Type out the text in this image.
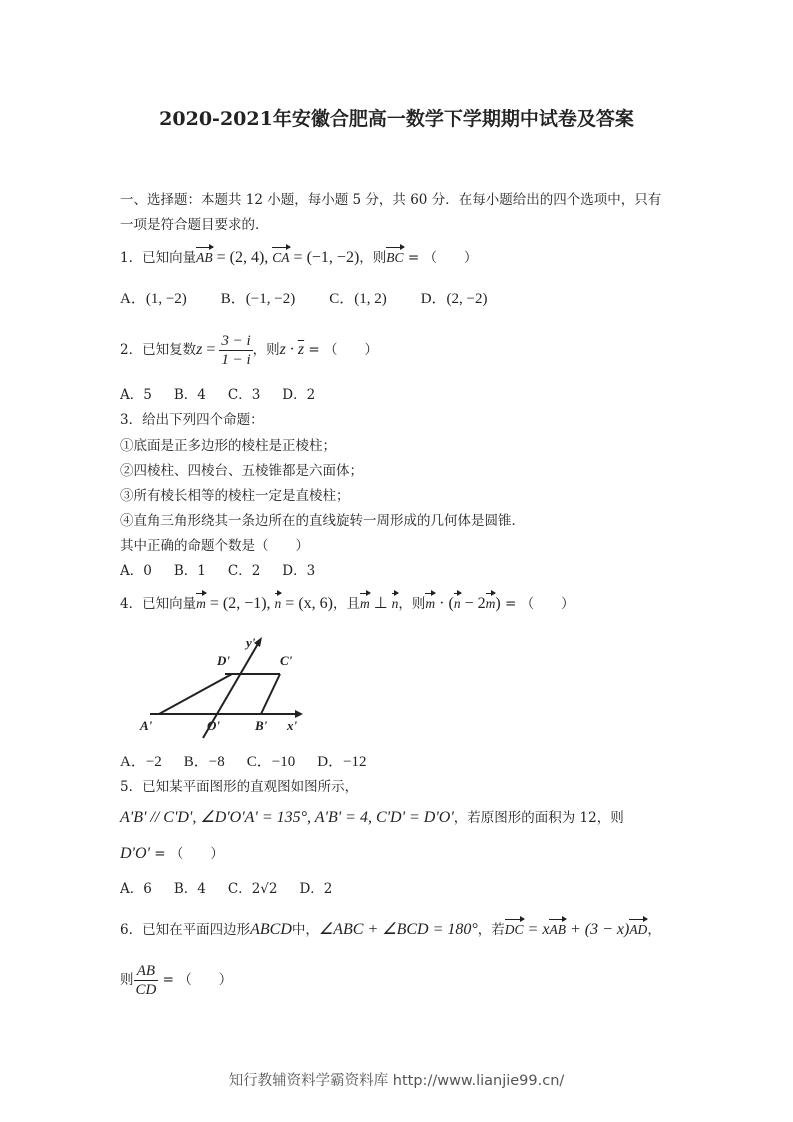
2020-2021年安徽合肥高一数学下学期期中试卷及答案
一、选择题：本题共 12 小题，每小题 5 分，共 60 分．在每小题给出的四个选项中，只有
一项是符合题目要求的．
1．已知向量AB = (2, 4), CA = (−1, −2)，则BC = （　　）
A．(1, −2) B．(−1, −2) C．(1, 2) D．(2, −2)
2．已知复数$z = \frac{3 - i}{1 - i}$ ，则$z \cdot \overline{z}$ = （　　）
A．5 B．4 C．3 D．2
3．给出下列四个命题：
①底面是正多边形的棱柱是正棱柱；
②四棱柱、四棱台、五棱锥都是六面体；
③所有棱长相等的棱柱一定是直棱柱；
④直角三角形绕其一条边所在的直线旋转一周形成的几何体是圆锥．
其中正确的命题个数是（　　）
A．0 B．1 C．2 D．3
4．已知向量m = (2, −1), n = (x, 6)，且m ⊥ n，则m · (n − 2m) = （　　）
y'
x'
A'	O'	B'
C'
D'
A．−2 B．−8 C．−10 D．−12
5．已知某平面图形的直观图如图所示，
A'B' // C'D', ∠D'O'A' = 135°, A'B' = 4, C'D' = D'O'，若原图形的面积为 12，则
D'O' = （　　）
A．6 B．4 C．2√2 D．2
6．已知在平面四边形ABCD中，∠ABC + ∠BCD = 180°，若DC = xAB + (3 − x)AD，
则 $\frac{AB}{CD}$ = （　　）
知行教辅资料学霸资料库 http://www.lianjie99.cn/
